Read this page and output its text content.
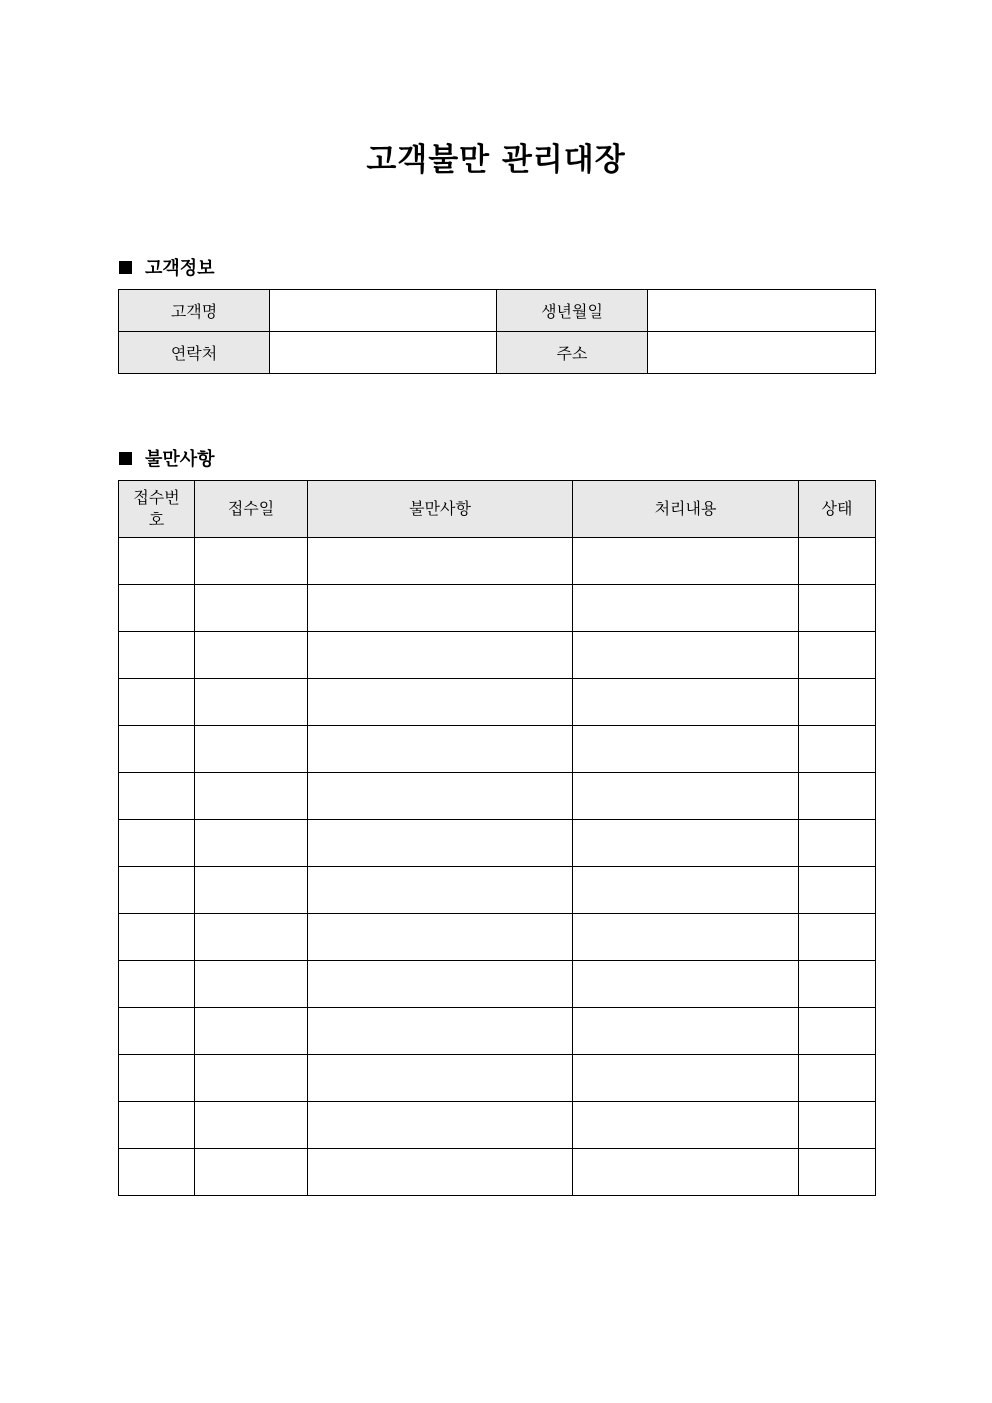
고객불만 관리대장
고객정보
고객명		생년월일	
연락처		주소	
불만사항
접수번호	접수일	불만사항	처리내용	상태
